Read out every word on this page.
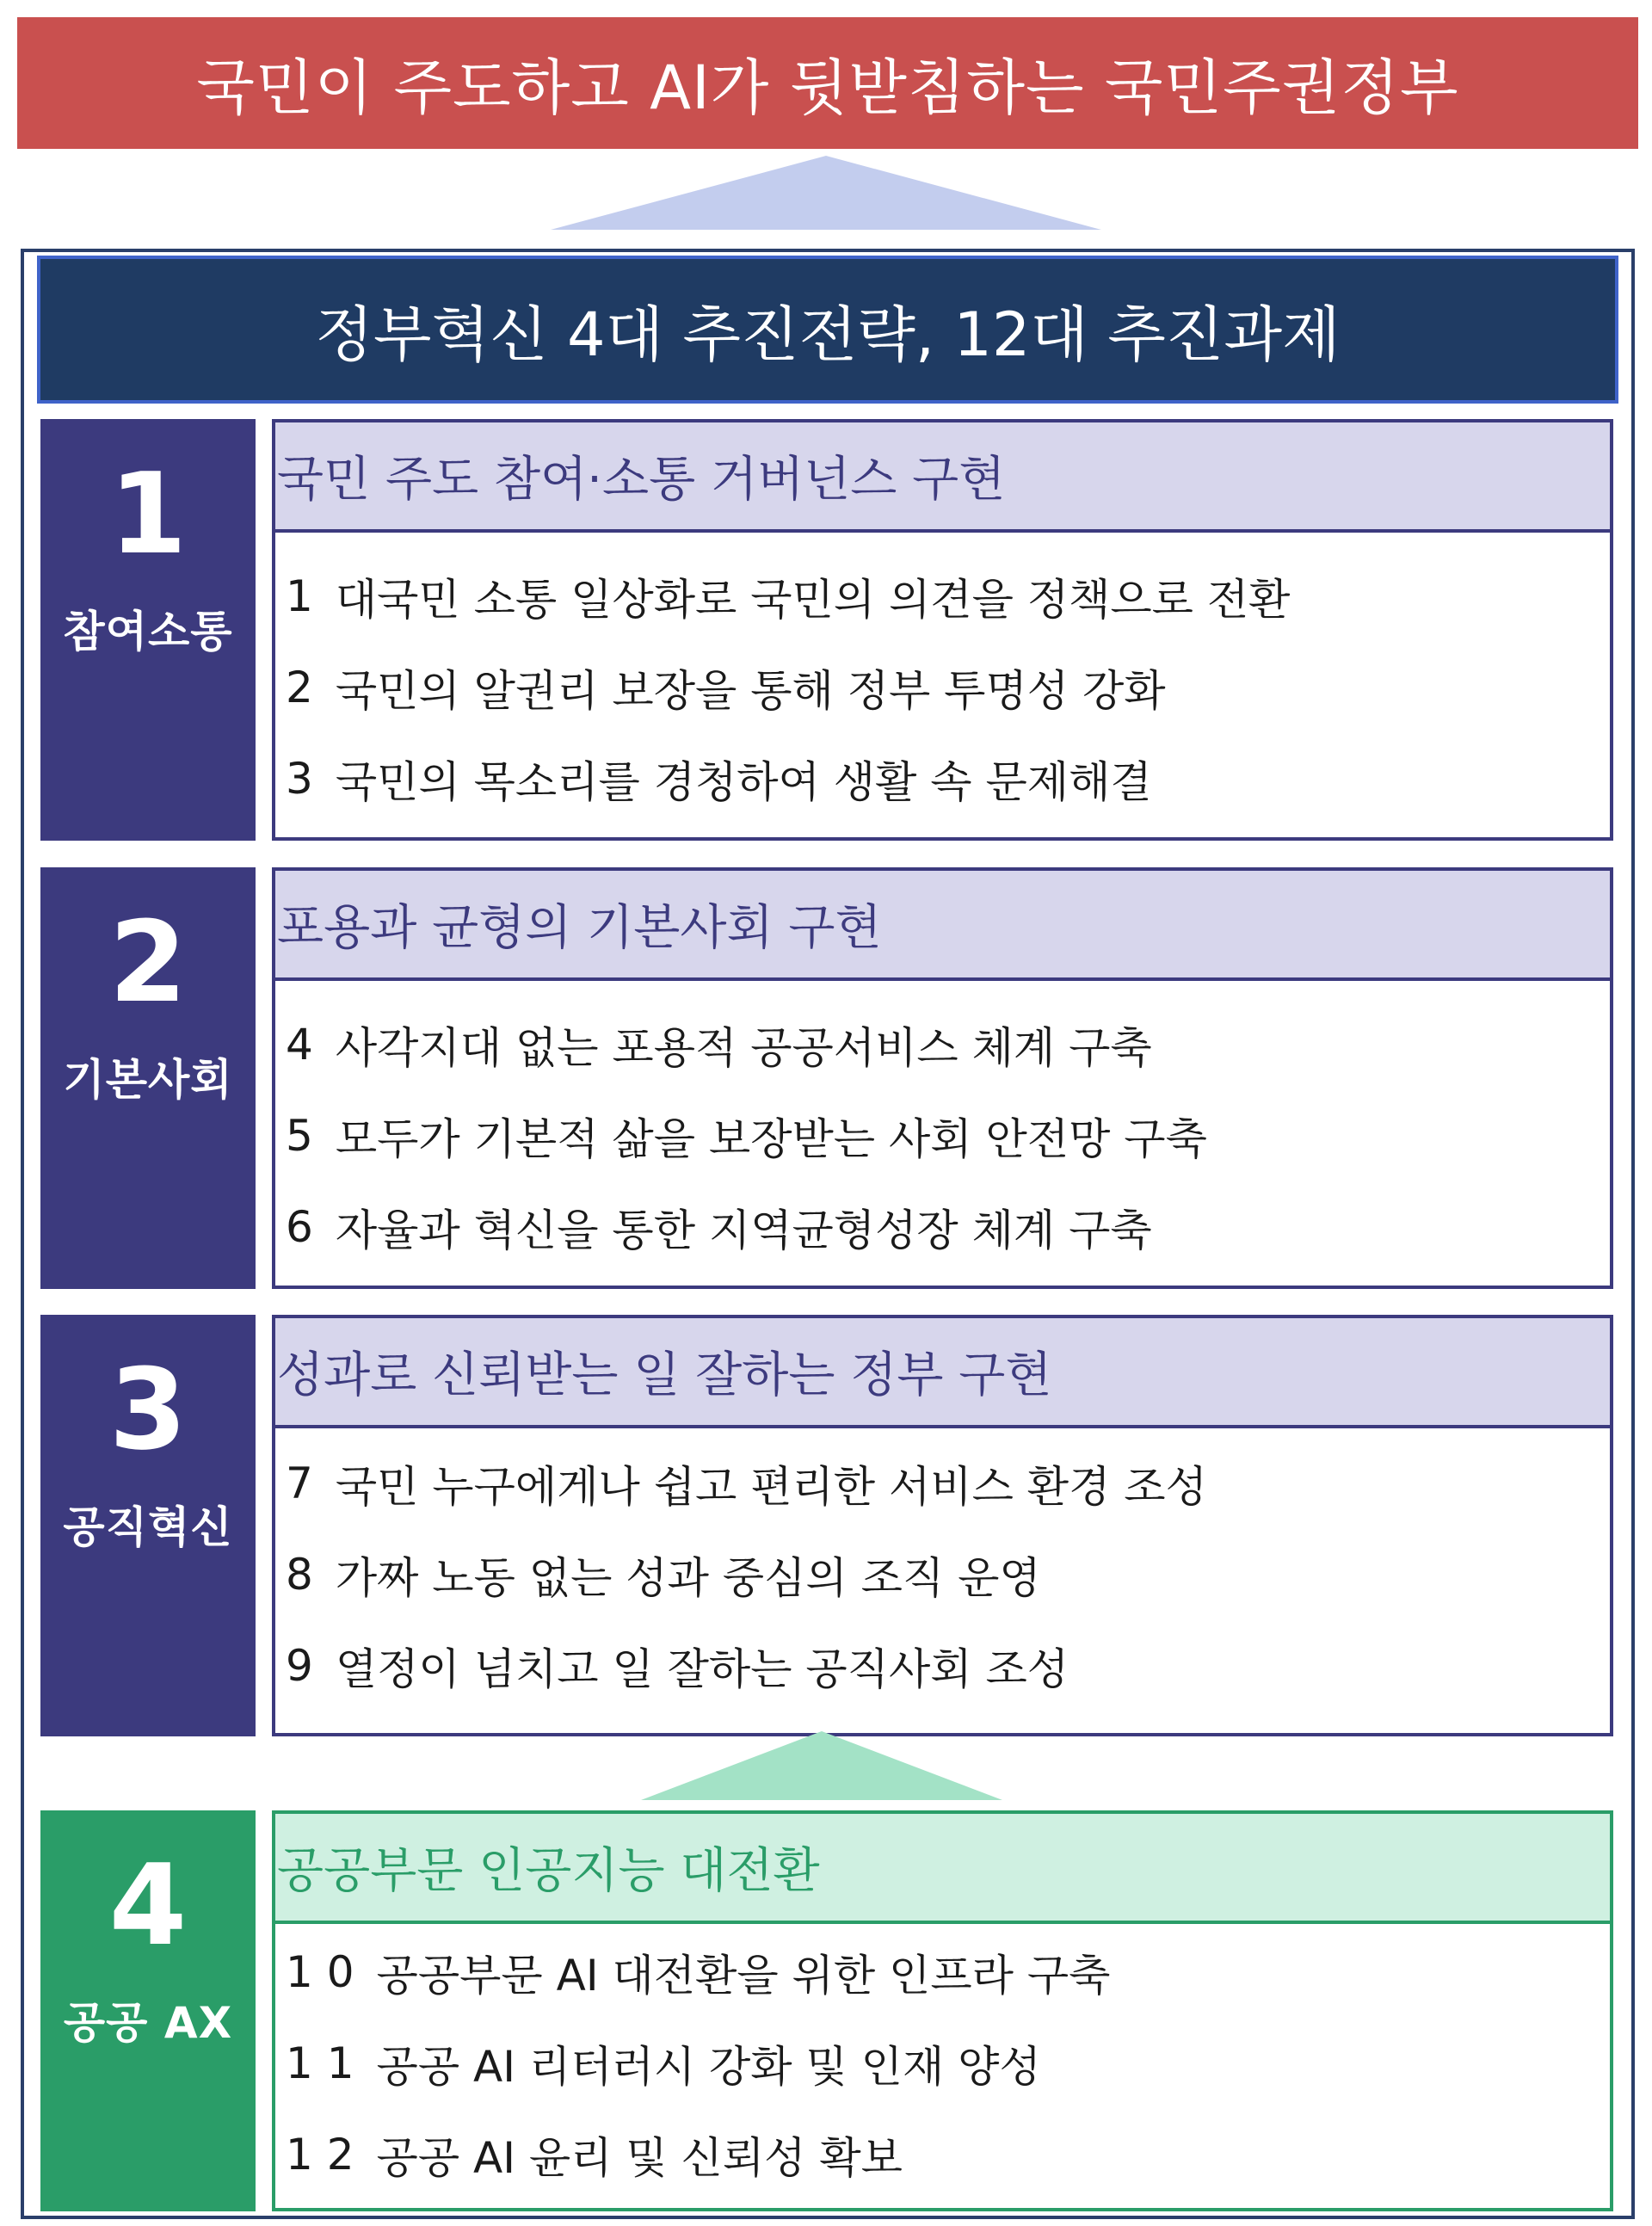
국민이 주도하고 AI가 뒷받침하는 국민주권정부
정부혁신 4대 추진전략, 12대 추진과제
1
참여소통
국민 주도 참여·소통 거버넌스 구현
1 대국민 소통 일상화로 국민의 의견을 정책으로 전환
2 국민의 알권리 보장을 통해 정부 투명성 강화
3 국민의 목소리를 경청하여 생활 속 문제해결
2
기본사회
포용과 균형의 기본사회 구현
4 사각지대 없는 포용적 공공서비스 체계 구축
5 모두가 기본적 삶을 보장받는 사회 안전망 구축
6 자율과 혁신을 통한 지역균형성장 체계 구축
3
공직혁신
성과로 신뢰받는 일 잘하는 정부 구현
7 국민 누구에게나 쉽고 편리한 서비스 환경 조성
8 가짜 노동 없는 성과 중심의 조직 운영
9 열정이 넘치고 일 잘하는 공직사회 조성
4
공공 AX
공공부문 인공지능 대전환
1 0 공공부문 AI 대전환을 위한 인프라 구축
1 1 공공 AI 리터러시 강화 및 인재 양성
1 2 공공 AI 윤리 및 신뢰성 확보
